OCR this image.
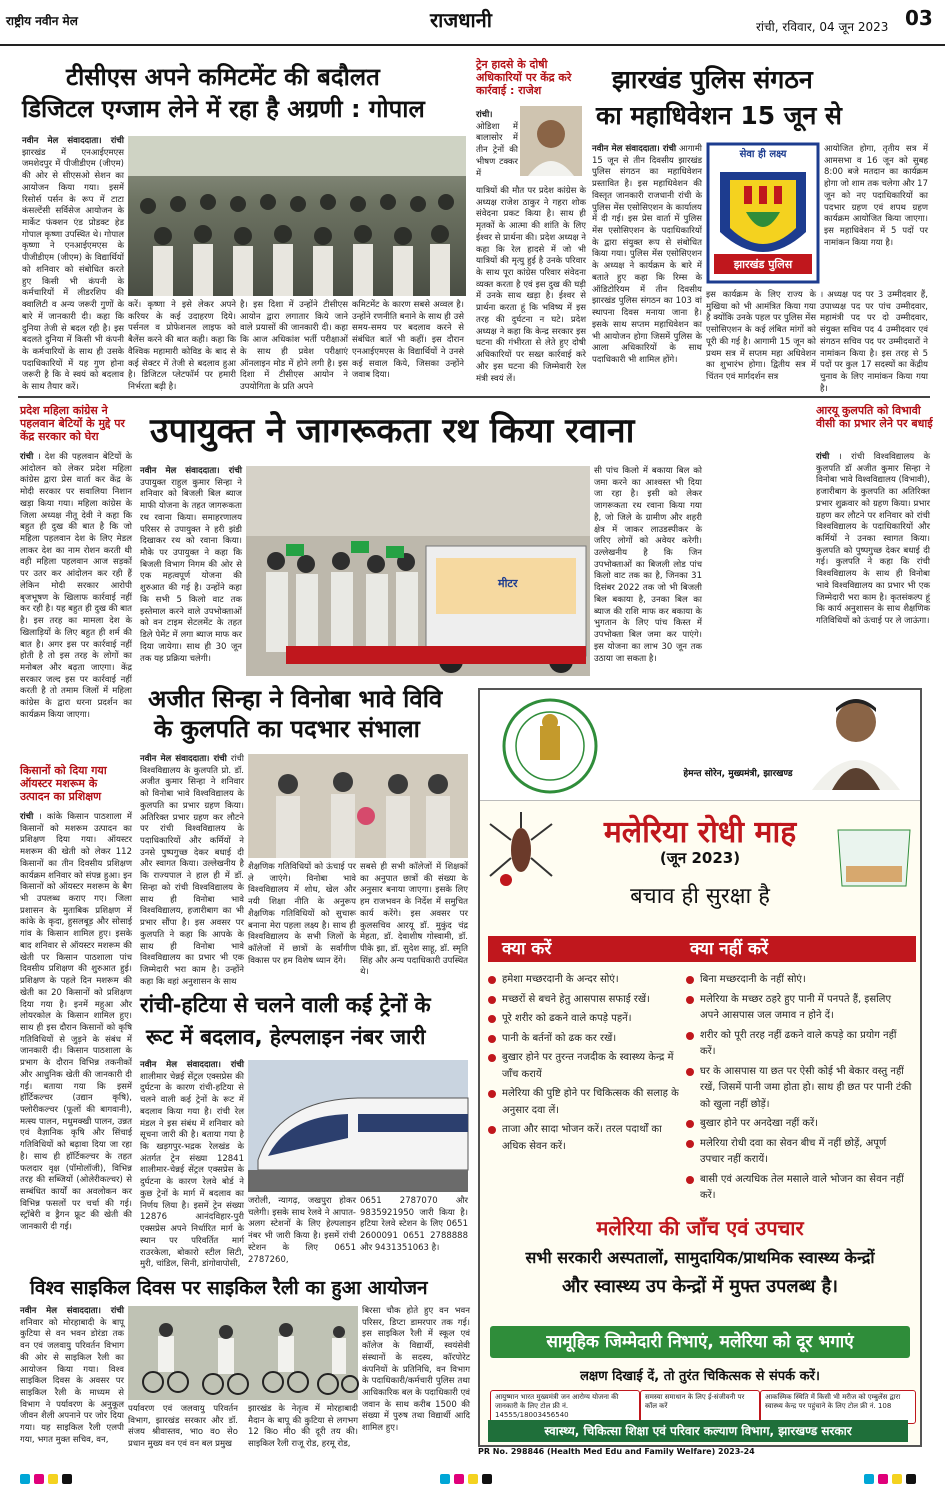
राष्ट्रीय नवीन मेल	राजधानी	रांची, रविवार, 04 जून 2023 03
टीसीएस अपने कमिटमेंट की बदौलत
डिजिटल एग्जाम लेने में रहा है अग्रणी : गोपाल
नवीन मेल संवाददाता। रांची झारखंड में एनआईएमएस जमशेदपुर में पीजीडीएम (जीएम) की ओर से सीएसओ सेशन का आयोजन किया गया। इसमें रिसोर्स पर्सन के रूप में टाटा कंसल्टेंसी सर्विसेज आयोजन के मार्केट फंक्शन एंड प्रोडक्ट हेड गोपाल कृष्णा उपस्थित थे। गोपाल कृष्णा ने एनआईएमएस के पीजीडीएम (जीएम) के विद्यार्थियों को शनिवार को संबोधित करते हुए किसी भी कंपनी के कर्मचारियों में लीडरशिप की क्वालिटी व अन्य जरूरी गुणों के बारे में जानकारी दी। कहा कि दुनिया तेजी से बदल रही है। इस बदलते दुनिया में किसी भी कंपनी के कर्मचारियों के साथ ही उसके पदाधिकारियों में यह गुण होना जरूरी है कि वे स्वयं को बदलाव के साथ तैयार करें।
करें। कृष्णा ने इसे लेकर अपने करियर के कई उदाहरण दिये। पर्सनल व प्रोफेशनल लाइफ को बैलेंस करने की बात कही। कहा कि वैश्विक महामारी कोविड के बाद से कई सेक्टर में तेजी से बदलाव हुआ है। डिजिटल प्लेटफॉर्म पर हमारी निर्भरता बढ़ी है।
है। इस दिशा में उन्होंने टीसीएस आयोन द्वारा लगातार किये जाने वाले प्रयासों की जानकारी दी। कहा कि आज अधिकांश भर्ती परीक्षाओं के साथ ही प्रवेश परीक्षाएं ऑनलाइन मोड में होने लगी है। इस दिशा में टीसीएस आयोन ने उपयोगिता के प्रति अपने
कमिटमेंट के कारण सबसे अव्वल है। उन्होंने रणनीति बनाने के साथ ही उसे समय-समय पर बदलाव करने से संबंधित बातें भी कहीं। इस दौरान एनआईएमएस के विद्यार्थियों ने उनसे कई सवाल किये, जिसका उन्होंने जवाब दिया।
ट्रेन हादसे के दोषी अधिकारियों पर केंद्र करे कार्रवाई : राजेश
रांची। ओडिशा में बालासोर में तीन ट्रेनों की भीषण टक्कर में
यात्रियों की मौत पर प्रदेश कांग्रेस के अध्यक्ष राजेश ठाकुर ने गहरा शोक संवेदना प्रकट किया है। साथ ही मृतकों के आत्मा की शांति के लिए ईश्वर से प्रार्थना की। प्रदेश अध्यक्ष ने कहा कि रेल हादसे में जो भी यात्रियों की मृत्यु हुई है उनके परिवार के साथ पूरा कांग्रेस परिवार संवेदना व्यक्त करता है एवं इस दुख की घड़ी में उनके साथ खड़ा है। ईश्वर से प्रार्थना करता हूं कि भविष्य में इस तरह की दुर्घटना न घटे। प्रदेश अध्यक्ष ने कहा कि केन्द्र सरकार इस घटना की गंभीरता से लेते हुए दोषी अधिकारियों पर सख्त कार्रवाई करे और इस घटना की जिम्मेवारी रेल मंत्री स्वयं लें।
झारखंड पुलिस संगठन
का महाधिवेशन 15 जून से
नवीन मेल संवाददाता। रांची आगामी 15 जून से तीन दिवसीय झारखंड पुलिस संगठन का महाधिवेशन प्रस्तावित है। इस महाधिवेशन की विस्तृत जानकारी राजधानी रांची के पुलिस मेंस एसोसिएशन के कार्यालय में दी गई। इस प्रेस वार्ता में पुलिस मेंस एसोसिएशन के पदाधिकारियों के द्वारा संयुक्त रूप से संबोधित किया गया। पुलिस मेंस एसोसिएशन के अध्यक्ष ने कार्यक्रम के बारे में बताते हुए कहा कि रिम्स के ऑडिटोरियम में तीन दिवसीय झारखंड पुलिस संगठन का 103 वां स्थापना दिवस मनाया जाना है। इसके साथ सप्तम महाधिवेशन का भी आयोजन होगा जिसमें पुलिस के आला अधिकारियों के साथ पदाधिकारी भी शामिल होंगे।
सेवा ही लक्ष्य
झारखंड पुलिस
आयोजित होगा, तृतीय सत्र में आमसभा व 16 जून को सुबह 8:00 बजे मतदान का कार्यक्रम होगा जो शाम तक चलेगा और 17 जून को नए पदाधिकारियों का पदभार ग्रहण एवं शपथ ग्रहण कार्यक्रम आयोजित किया जाएगा। इस महाधिवेशन में 5 पदों पर नामांकन किया गया है।
इस कार्यक्रम के लिए राज्य के मुखिया को भी आमंत्रित किया गया है क्योंकि उनके पहल पर पुलिस मेंस एसोसिएशन के कई लंबित मांगों को पूरी की गई है। आगामी 15 जून को प्रथम सत्र में सप्तम महा अधिवेशन का शुभारंभ होगा। द्वितीय सत्र में चिंतन एवं मार्गदर्शन सत्र
। अध्यक्ष पद पर 3 उम्मीदवार हैं, उपाध्यक्ष पद पर पांच उम्मीदवार, महामंत्री पद पर दो उम्मीदवार, संयुक्त सचिव पद 4 उम्मीदवार एवं संगठन सचिव पद पर उम्मीदवारों ने नामांकन किया है। इस तरह से 5 पदों पर कुल 17 सदस्यों का केंद्रीय चुनाव के लिए नामांकन किया गया है।
प्रदेश महिला कांग्रेस ने पहलवान बेटियों के मुद्दे पर केंद्र सरकार को घेरा
रांची । देश की पहलवान बेटियों के आंदोलन को लेकर प्रदेश महिला कांग्रेस द्वारा प्रेस वार्ता कर केंद्र के मोदी सरकार पर सवालिया निशान खड़ा किया गया। महिला कांग्रेस के जिला अध्यक्ष नीतू देवी ने कहा कि बहुत ही दुख की बात है कि जो महिला पहलवान देश के लिए मेडल लाकर देश का नाम रोशन करती थी वही महिला पहलवान आज सड़कों पर उतर कर आंदोलन कर रही हैं लेकिन मोदी सरकार आरोपी बृजभूषण के खिलाफ कार्रवाई नहीं कर रही है। यह बहुत ही दुख की बात है। इस तरह का मामला देश के खिलाड़ियों के लिए बहुत ही शर्म की बात है। अगर इस पर कार्रवाई नहीं होती है तो इस तरह के लोगों का मनोबल और बढ़ता जाएगा। केंद्र सरकार जल्द इस पर कार्रवाई नहीं करती है तो तमाम जिलों में महिला कांग्रेस के द्वारा धरना प्रदर्शन का कार्यक्रम किया जाएगा।
उपायुक्त ने जागरूकता रथ किया रवाना
नवीन मेल संवाददाता। रांची उपायुक्त राहुल कुमार सिन्हा ने शनिवार को बिजली बिल ब्याज माफी योजना के तहत जागरूकता रथ रवाना किया। समाहरणालय परिसर से उपायुक्त ने हरी झंडी दिखाकर रथ को रवाना किया। मौके पर उपायुक्त ने कहा कि बिजली विभाग निगम की ओर से एक महत्वपूर्ण योजना की शुरुआत की गई है। उन्होंने कहा कि सभी 5 किलो वाट तक इस्तेमाल करने वाले उपभोक्ताओं को वन टाइम सेटलमेंट के तहत डिले पेमेंट में लगा ब्याज माफ कर दिया जायेगा। साथ ही 30 जून तक यह प्रक्रिया चलेगी।
मीटर
सी पांच किलो में बकाया बिल को जमा करने का आश्वस्त भी दिया जा रहा है। इसी को लेकर जागरूकता रथ रवाना किया गया है, जो जिले के ग्रामीण और शहरी क्षेत्र में जाकर लाउडस्पीकर के जरिए लोगों को अवेयर करेगी। उल्लेखनीय है कि जिन उपभोक्ताओं का बिजली लोड पांच किलो वाट तक का है, जिनका 31 दिसंबर 2022 तक जो भी बिजली बिल बकाया है, उनका बिल का ब्याज की राशि माफ कर बकाया के भुगतान के लिए पांच किस्त में उपभोक्ता बिल जमा कर पाएंगे। इस योजना का लाभ 30 जून तक उठाया जा सकता है।
आरयू कुलपति को विभावी वीसी का प्रभार लेने पर बधाई
रांची । रांची विश्वविद्यालय के कुलपति डॉ अजीत कुमार सिन्हा ने विनोबा भावे विश्वविद्यालय (विभावी), हजारीबाग के कुलपति का अतिरिक्त प्रभार शुक्रवार को ग्रहण किया। प्रभार ग्रहण कर लौटने पर शनिवार को रांची विश्वविद्यालय के पदाधिकारियों और कर्मियों ने उनका स्वागत किया। कुलपति को पुष्पगुच्छ देकर बधाई दी गई। कुलपति ने कहा कि रांची विश्वविद्यालय के साथ ही विनोबा भावे विश्वविद्यालय का प्रभार भी एक जिम्मेदारी भरा काम है। कृतसंकल्प हूं कि कार्य अनुशासन के साथ शैक्षणिक गतिविधियों को ऊंचाई पर ले जाऊंगा।
अजीत सिन्हा ने विनोबा भावे विवि
के कुलपति का पदभार संभाला
नवीन मेल संवाददाता। रांची रांची विश्वविद्यालय के कुलपति प्रो. डॉ. अजीत कुमार सिन्हा ने शनिवार को विनोबा भावे विश्वविद्यालय के कुलपति का प्रभार ग्रहण किया। अतिरिक्त प्रभार ग्रहण कर लौटने पर रांची विश्वविद्यालय के पदाधिकारियों और कर्मियों ने उनसे पुष्पगुच्छ देकर बधाई दी और स्वागत किया। उल्लेखनीय है कि राज्यपाल ने हाल ही में डॉ. सिन्हा को रांची विश्वविद्यालय के साथ ही विनोबा भावे विश्वविद्यालय, हजारीबाग का भी प्रभार सौंपा है। इस अवसर पर कुलपति ने कहा कि आपके के साथ ही विनोबा भावे विश्वविद्यालय का प्रभार भी एक जिम्मेदारी भरा काम है। उन्होंने कहा कि वहां अनुशासन के साथ
शैक्षणिक गतिविधियों को ऊंचाई पर ले जाएंगे। विनोबा भावे विश्वविद्यालय में शोध, खेल और नयी शिक्षा नीति के अनुरूप शैक्षणिक गतिविधियों को सुचारू बनाना मेरा पहला लक्ष्य है। साथ ही विश्वविद्यालय के सभी जिलों के कॉलेजों में छात्रों के सर्वांगीण विकास पर हम विशेष ध्यान देंगे।
सबसे ही सभी कॉलेजों में शिक्षकों का अनुपात छात्रों की संख्या के अनुसार बनाया जाएगा। इसके लिए हम राजभवन के निर्देश में समुचित कार्य करेंगे। इस अवसर पर कुलसचिव आरयू डॉ. मुकुंद चंद्र मेहता, डॉ. देवाशीष गोस्वामी, डॉ. पीके झा, डॉ. सुदेश साहू, डॉ. स्मृति सिंह और अन्य पदाधिकारी उपस्थित थे।
किसानों को दिया गया ऑयस्टर मशरूम के उत्पादन का प्रशिक्षण
रांची । कांके किसान पाठशाला में किसानों को मशरूम उत्पादन का प्रशिक्षण दिया गया। ऑयस्टर मशरूम की खेती को लेकर 112 किसानों का तीन दिवसीय प्रशिक्षण कार्यक्रम शनिवार को संपन्न हुआ। इन किसानों को ऑयस्टर मशरूम के बैग भी उपलब्ध कराए गए। जिला प्रशासन के मुताबिक प्रशिक्षण में कांके के कृदा, हुसलबूड़ और सोसाई गांव के किसान शामिल हुए। इसके बाद शनिवार से ऑयस्टर मशरूम की खेती पर किसान पाठशाला पांच दिवसीय प्रशिक्षण की शुरुआत हुई। प्रशिक्षण के पहले दिन मशरूम की खेती का 20 किसानों को प्रशिक्षण दिया गया है। इनमें महुआ और लोयरकोल के किसान शामिल हुए। साथ ही इस दौरान किसानों को कृषि गतिविधियों से जुड़ने के संबंध में जानकारी दी। किसान पाठशाला के प्रभाग के दौरान विभिन्न तकनीकों और आधुनिक खेती की जानकारी दी गई। बताया गया कि इसमें हॉर्टिकल्चर (उद्यान कृषि), फ्लोरीकल्चर (फूलों की बागवानी), मत्स्य पालन, मधुमक्खी पालन, उन्नत एवं वैज्ञानिक कृषि और सिंचाई गतिविधियों को बढ़ावा दिया जा रहा है। साथ ही हॉर्टिकल्चर के तहत फलदार वृक्ष (पॉमोलॉजी), विभिन्न तरह की सब्जियों (ओलेरीकल्चर) से सम्बंधित कार्यों का अवलोकन कर विभिन्न फसलों पर चर्चा की गई। स्ट्रॉबेरी व ड्रैगन फ्रूट की खेती की जानकारी दी गई।
रांची-हटिया से चलने वाली कई ट्रेनों के
रूट में बदलाव, हेल्पलाइन नंबर जारी
नवीन मेल संवाददाता। रांची शालीमार चेन्नई सेंट्रल एक्सप्रेस की दुर्घटना के कारण रांची-हटिया से चलने वाली कई ट्रेनों के रूट में बदलाव किया गया है। रांची रेल मंडल ने इस संबंध में शनिवार को सूचना जारी की है। बताया गया है कि खड़गपुर-भद्रक रेलखंड के अंतर्गत ट्रेन संख्या 12841 शालीमार-चेन्नई सेंट्रल एक्सप्रेस के दुर्घटना के कारण रेलवे बोर्ड ने कुछ ट्रेनों के मार्ग में बदलाव का निर्णय लिया है। इसमें ट्रेन संख्या 12876 आनंदविहार-पुरी एक्सप्रेस अपने निर्धारित मार्ग के स्थान पर परिवर्तित मार्ग राउरकेला, बोकारो स्टील सिटी, मुरी, चांडिल, सिनी, डांगोवापोसी,
जरोली, न्यागढ़, जखपुरा होकर चलेगी। इसके साथ रेलवे ने आपात-अलग स्टेशनों के लिए हेल्पलाइन नंबर भी जारी किया है। इसमें रांची स्टेशन के लिए 0651 2787260,
0651 2787070 और 9835921950 जारी किया है। हटिया रेलवे स्टेशन के लिए 0651 2600091 0651 2788888 और 9431351063 है।
विश्व साइकिल दिवस पर साइकिल रैली का हुआ आयोजन
नवीन मेल संवाददाता। रांची शनिवार को मोरहाबादी के बापू कुटिया से वन भवन डोरंडा तक वन एवं जलवायु परिवर्तन विभाग की ओर से साइकिल रैली का आयोजन किया गया। विश्व साइकिल दिवस के अवसर पर साइकिल रैली के माध्यम से विभाग ने पर्यावरण के अनुकूल जीवन शैली अपनाने पर जोर दिया गया। यह साइकिल रैली एलपी गया, भगत मुक्त सचिव, वन,
पर्यावरण एवं जलवायु परिवर्तन विभाग, झारखंड सरकार और डॉ. संजय श्रीवास्तव, भाo वo सेo प्रधान मुख्य वन एवं वन बल प्रमुख
झारखंड के नेतृत्व में मोरहाबादी मैदान के बापू की कुटिया से लगभग 12 किo मीo की दूरी तय की। साइकिल रैली राजू रोड, हरमू रोड,
बिरसा चौक होते हुए वन भवन परिसर, डिप्टा डामरपार तक गई। इस साइकिल रैली में स्कूल एवं कॉलेज के विद्यार्थी, स्वयंसेवी संस्थानों के सदस्य, कॉरपोरेट कंपनियों के प्रतिनिधि, वन विभाग के पदाधिकारी/कर्मचारी पुलिस तथा आधिकारिक बल के पदाधिकारी एवं जवान के साथ करीब 1500 की संख्या में पुरुष तथा विद्यार्थी आदि शामिल हुए।
हेमन्त सोरेन, मुख्यमंत्री, झारखण्ड
मलेरिया रोधी माह
(जून 2023)
बचाव ही सुरक्षा है
क्या करें	क्या नहीं करें
हमेशा मच्छरदानी के अन्दर सोएं।
मच्छरों से बचने हेतु आसपास सफाई रखें।
पूरे शरीर को ढकने वाले कपड़े पहनें।
पानी के बर्तनों को ढक कर रखें।
बुखार होने पर तुरन्त नजदीक के स्वास्थ्य केन्द्र में जाँच करायें
मलेरिया की पुष्टि होने पर चिकित्सक की सलाह के अनुसार दवा लें।
ताजा और सादा भोजन करें। तरल पदार्थों का अधिक सेवन करें।
बिना मच्छरदानी के नहीं सोएं।
मलेरिया के मच्छर ठहरे हुए पानी में पनपते हैं, इसलिए अपने आसपास जल जमाव न होने दें।
शरीर को पूरी तरह नहीं ढकने वाले कपड़े का प्रयोग नहीं करें।
घर के आसपास या छत पर ऐसी कोई भी बेकार वस्तु नहीं रखें, जिसमें पानी जमा होता हो। साथ ही छत पर पानी टंकी को खुला नहीं छोड़ें।
बुखार होने पर अनदेखा नहीं करें।
मलेरिया रोधी दवा का सेवन बीच में नहीं छोड़ें, अपूर्ण उपचार नहीं करायें।
बासी एवं अत्यधिक तेल मसाले वाले भोजन का सेवन नहीं करें।
मलेरिया की जाँच एवं उपचार
सभी सरकारी अस्पतालों, सामुदायिक/प्राथमिक स्वास्थ्य केन्द्रों
और स्वास्थ्य उप केन्द्रों में मुफ्त उपलब्ध है।
सामूहिक जिम्मेदारी निभाएं, मलेरिया को दूर भगाएं
लक्षण दिखाई दें, तो तुरंत चिकित्सक से संपर्क करें।
आयुष्मान भारत मुख्यमंत्री जन आरोग्य योजना की जानकारी के लिए टोल फ्री नं. 14555/18003456540
समस्या समाधान के लिए ई-संजीवनी पर कॉल करें
आकस्मिक स्थिति में किसी भी मरीज को एम्बुलेंस द्वारा स्वास्थ्य केन्द्र पर पहुंचाने के लिए टोल फ्री नं. 108
स्वास्थ्य, चिकित्सा शिक्षा एवं परिवार कल्याण विभाग, झारखण्ड सरकार
PR No. 298846 (Health Med Edu and Family Welfare) 2023-24
